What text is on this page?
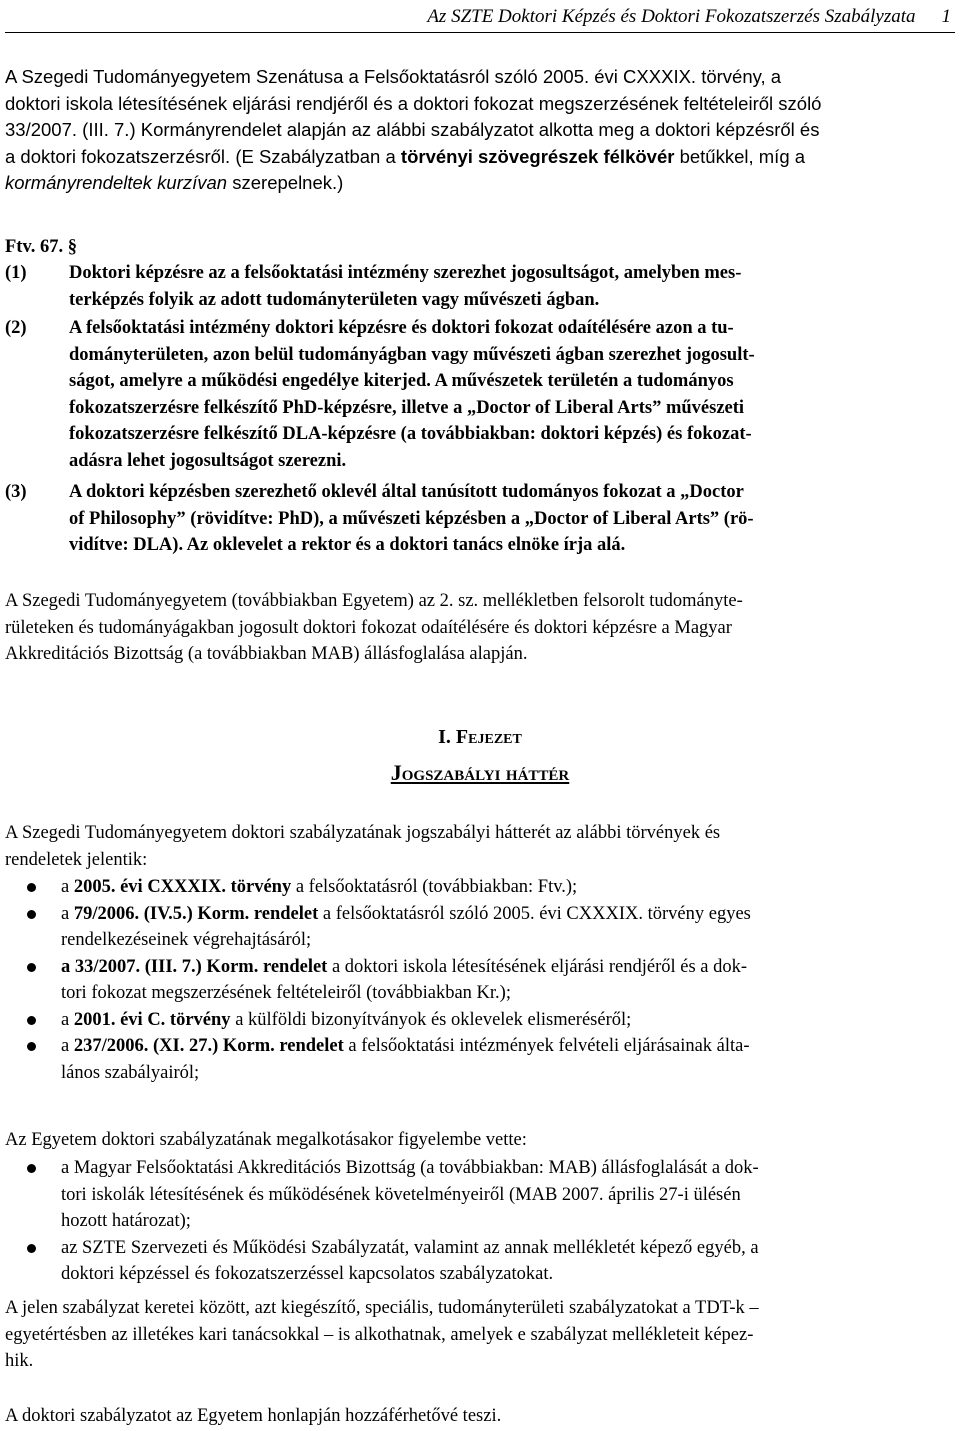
Az SZTE Doktori Képzés és Doktori Fokozatszerzés Szabályzata 1
A Szegedi Tudományegyetem Szenátusa a Felsőoktatásról szóló 2005. évi CXXXIX. törvény, a
doktori iskola létesítésének eljárási rendjéről és a doktori fokozat megszerzésének feltételeiről szóló
33/2007. (III. 7.) Kormányrendelet alapján az alábbi szabályzatot alkotta meg a doktori képzésről és
a doktori fokozatszerzésről. (E Szabályzatban a törvényi szövegrészek félkövér betűkkel, míg a
kormányrendeltek kurzívan szerepelnek.)
Ftv. 67. §
(1) Doktori képzésre az a felsőoktatási intézmény szerezhet jogosultságot, amelyben mes-
terképzés folyik az adott tudományterületen vagy művészeti ágban.
(2) A felsőoktatási intézmény doktori képzésre és doktori fokozat odaítélésére azon a tu-
dományterületen, azon belül tudományágban vagy művészeti ágban szerezhet jogosult-
ságot, amelyre a működési engedélye kiterjed. A művészetek területén a tudományos
fokozatszerzésre felkészítő PhD-képzésre, illetve a „Doctor of Liberal Arts” művészeti
fokozatszerzésre felkészítő DLA-képzésre (a továbbiakban: doktori képzés) és fokozat-
adásra lehet jogosultságot szerezni.
(3) A doktori képzésben szerezhető oklevél által tanúsított tudományos fokozat a „Doctor
of Philosophy” (rövidítve: PhD), a művészeti képzésben a „Doctor of Liberal Arts” (rö-
vidítve: DLA). Az oklevelet a rektor és a doktori tanács elnöke írja alá.
A Szegedi Tudományegyetem (továbbiakban Egyetem) az 2. sz. mellékletben felsorolt tudományte-
rületeken és tudományágakban jogosult doktori fokozat odaítélésére és doktori képzésre a Magyar
Akkreditációs Bizottság (a továbbiakban MAB) állásfoglalása alapján.
I. Fejezet
Jogszabályi háttér
A Szegedi Tudományegyetem doktori szabályzatának jogszabályi hátterét az alábbi törvények és
rendeletek jelentik:
a 2005. évi CXXXIX. törvény a felsőoktatásról (továbbiakban: Ftv.);
a 79/2006. (IV.5.) Korm. rendelet a felsőoktatásról szóló 2005. évi CXXXIX. törvény egyes
rendelkezéseinek végrehajtásáról;
a 33/2007. (III. 7.) Korm. rendelet a doktori iskola létesítésének eljárási rendjéről és a dok-
tori fokozat megszerzésének feltételeiről (továbbiakban Kr.);
a 2001. évi C. törvény a külföldi bizonyítványok és oklevelek elismeréséről;
a 237/2006. (XI. 27.) Korm. rendelet a felsőoktatási intézmények felvételi eljárásainak álta-
lános szabályairól;
Az Egyetem doktori szabályzatának megalkotásakor figyelembe vette:
a Magyar Felsőoktatási Akkreditációs Bizottság (a továbbiakban: MAB) állásfoglalását a dok-
tori iskolák létesítésének és működésének követelményeiről (MAB 2007. április 27-i ülésén
hozott határozat);
az SZTE Szervezeti és Működési Szabályzatát, valamint az annak mellékletét képező egyéb, a
doktori képzéssel és fokozatszerzéssel kapcsolatos szabályzatokat.
A jelen szabályzat keretei között, azt kiegészítő, speciális, tudományterületi szabályzatokat a TDT-k –
egyetértésben az illetékes kari tanácsokkal – is alkothatnak, amelyek e szabályzat mellékleteit képez-
hik.
A doktori szabályzatot az Egyetem honlapján hozzáférhetővé teszi.
